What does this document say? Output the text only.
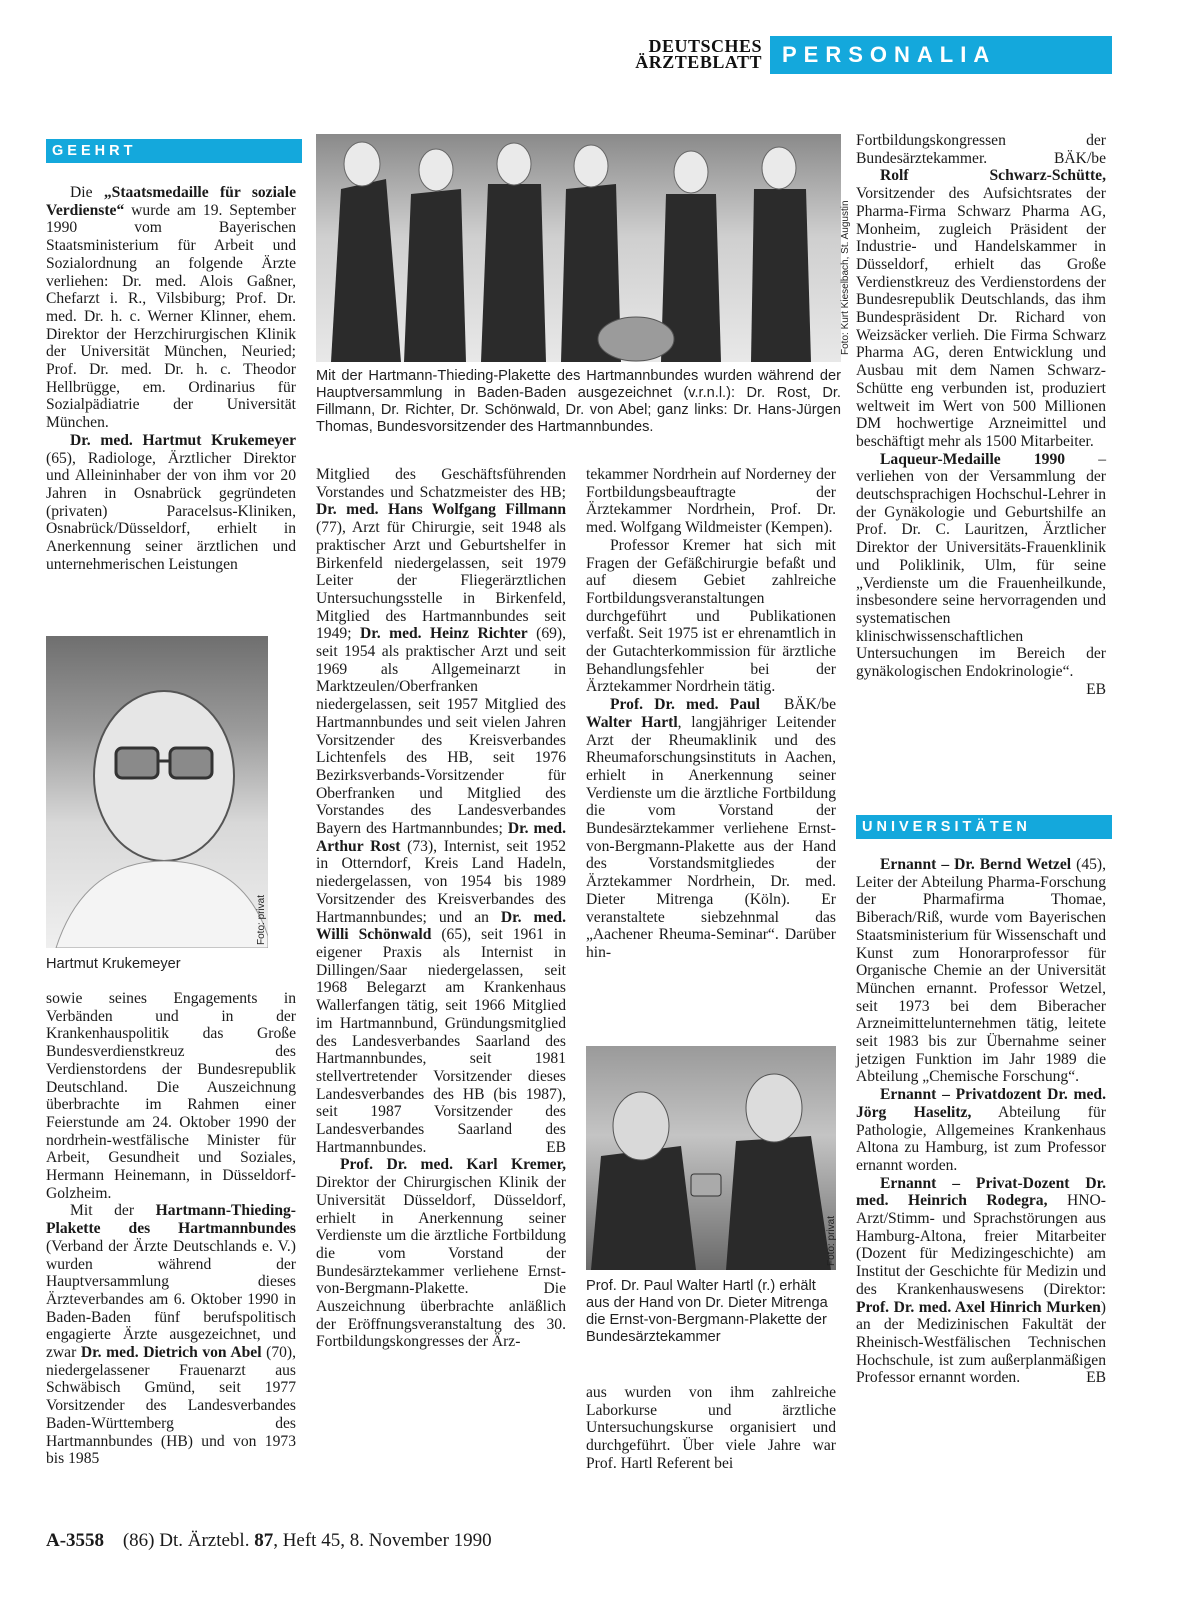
DEUTSCHES
ÄRZTEBLATT PERSONALIA
GEEHRT

Die „Staatsmedaille für soziale Verdienste“ wurde am 19. September 1990 vom Bayerischen Staatsministerium für Arbeit und Sozialordnung an folgende Ärzte verliehen: Dr. med. Alois Gaßner, Chefarzt i. R., Vilsbiburg; Prof. Dr. med. Dr. h. c. Werner Klinner, ehem. Direktor der Herzchirurgischen Klinik der Universität München, Neuried; Prof. Dr. med. Dr. h. c. Theodor Hellbrügge, em. Ordinarius für Sozialpädiatrie der Universität München.

Dr. med. Hartmut Krukemeyer (65), Radiologe, Ärztlicher Direktor und Alleininhaber der von ihm vor 20 Jahren in Osnabrück gegründeten (privaten) Paracelsus-Kliniken, Osnabrück/Düsseldorf, erhielt in Anerkennung seiner ärztlichen und unternehmerischen Leistungen

Foto: privat
Hartmut Krukemeyer

sowie seines Engagements in Verbänden und in der Krankenhauspolitik das Große Bundesverdienstkreuz des Verdienstordens der Bundesrepublik Deutschland. Die Auszeichnung überbrachte im Rahmen einer Feierstunde am 24. Oktober 1990 der nordrhein-westfälische Minister für Arbeit, Gesundheit und Soziales, Hermann Heinemann, in Düsseldorf-Golzheim.

Mit der Hartmann-Thieding-Plakette des Hartmannbundes (Verband der Ärzte Deutschlands e. V.) wurden während der Hauptversammlung dieses Ärzteverbandes am 6. Oktober 1990 in Baden-Baden fünf berufspolitisch engagierte Ärzte ausgezeichnet, und zwar Dr. med. Dietrich von Abel (70), niedergelassener Frauenarzt aus Schwäbisch Gmünd, seit 1977 Vorsitzender des Landesverbandes Baden-Württemberg des Hartmannbundes (HB) und von 1973 bis 1985

Foto: Kurt Kieselbach, St. Augustin
Mit der Hartmann-Thieding-Plakette des Hartmannbundes wurden während der Hauptversammlung in Baden-Baden ausgezeichnet (v.r.n.l.): Dr. Rost, Dr. Fillmann, Dr. Richter, Dr. Schönwald, Dr. von Abel; ganz links: Dr. Hans-Jürgen Thomas, Bundesvorsitzender des Hartmannbundes.

Mitglied des Geschäftsführenden Vorstandes und Schatzmeister des HB; Dr. med. Hans Wolfgang Fillmann (77), Arzt für Chirurgie, seit 1948 als praktischer Arzt und Geburtshelfer in Birkenfeld niedergelassen, seit 1979 Leiter der Fliegerärztlichen Untersuchungsstelle in Birkenfeld, Mitglied des Hartmannbundes seit 1949; Dr. med. Heinz Richter (69), seit 1954 als praktischer Arzt und seit 1969 als Allgemeinarzt in Marktzeulen/Oberfranken niedergelassen, seit 1957 Mitglied des Hartmannbundes und seit vielen Jahren Vorsitzender des Kreisverbandes Lichtenfels des HB, seit 1976 Bezirksverbands-Vorsitzender für Oberfranken und Mitglied des Vorstandes des Landesverbandes Bayern des Hartmannbundes; Dr. med. Arthur Rost (73), Internist, seit 1952 in Otterndorf, Kreis Land Hadeln, niedergelassen, von 1954 bis 1989 Vorsitzender des Kreisverbandes des Hartmannbundes; und an Dr. med. Willi Schönwald (65), seit 1961 in eigener Praxis als Internist in Dillingen/Saar niedergelassen, seit 1968 Belegarzt am Krankenhaus Wallerfangen tätig, seit 1966 Mitglied im Hartmannbund, Gründungsmitglied des Landesverbandes Saarland des Hartmannbundes, seit 1981 stellvertretender Vorsitzender dieses Landesverbandes des HB (bis 1987), seit 1987 Vorsitzender des Landesverbandes Saarland des Hartmannbundes.	EB

Prof. Dr. med. Karl Kremer, Direktor der Chirurgischen Klinik der Universität Düsseldorf, Düsseldorf, erhielt in Anerkennung seiner Verdienste um die ärztliche Fortbildung die vom Vorstand der Bundesärztekammer verliehene Ernst-von-Bergmann-Plakette. Die Auszeichnung überbrachte anläßlich der Eröffnungsveranstaltung des 30. Fortbildungskongresses der Ärz-

tekammer Nordrhein auf Norderney der Fortbildungsbeauftragte der Ärztekammer Nordrhein, Prof. Dr. med. Wolfgang Wildmeister (Kempen).

Professor Kremer hat sich mit Fragen der Gefäßchirurgie befaßt und auf diesem Gebiet zahlreiche Fortbildungsveranstaltungen durchgeführt und Publikationen verfaßt. Seit 1975 ist er ehrenamtlich in der Gutachterkommission für ärztliche Behandlungsfehler bei der Ärztekammer Nordrhein tätig.
BÄK/be

Prof. Dr. med. Paul Walter Hartl, langjähriger Leitender Arzt der Rheumaklinik und des Rheumaforschungsinstituts in Aachen, erhielt in Anerkennung seiner Verdienste um die ärztliche Fortbildung die vom Vorstand der Bundesärztekammer verliehene Ernst-von-Bergmann-Plakette aus der Hand des Vorstandsmitgliedes der Ärztekammer Nordrhein, Dr. med. Dieter Mitrenga (Köln). Er veranstaltete siebzehnmal das „Aachener Rheuma-Seminar“. Darüber hin-

Foto: privat
Prof. Dr. Paul Walter Hartl (r.) erhält aus der Hand von Dr. Dieter Mitrenga die Ernst-von-Bergmann-Plakette der Bundesärztekammer

aus wurden von ihm zahlreiche Laborkurse und ärztliche Untersuchungskurse organisiert und durchgeführt. Über viele Jahre war Prof. Hartl Referent bei

Fortbildungskongressen der Bundesärztekammer.	BÄK/be

Rolf Schwarz-Schütte, Vorsitzender des Aufsichtsrates der Pharma-Firma Schwarz Pharma AG, Monheim, zugleich Präsident der Industrie- und Handelskammer in Düsseldorf, erhielt das Große Verdienstkreuz des Verdienstordens der Bundesrepublik Deutschlands, das ihm Bundespräsident Dr. Richard von Weizsäcker verlieh. Die Firma Schwarz Pharma AG, deren Entwicklung und Ausbau mit dem Namen Schwarz-Schütte eng verbunden ist, produziert weltweit im Wert von 500 Millionen DM hochwertige Arzneimittel und beschäftigt mehr als 1500 Mitarbeiter.

Laqueur-Medaille 1990 – verliehen von der Versammlung der deutschsprachigen Hochschul-Lehrer in der Gynäkologie und Geburtshilfe an Prof. Dr. C. Lauritzen, Ärztlicher Direktor der Universitäts-Frauenklinik und Poliklinik, Ulm, für seine „Verdienste um die Frauenheilkunde, insbesondere seine hervorragenden und systematischen klinischwissenschaftlichen Untersuchungen im Bereich der gynäkologischen Endokrinologie“.
EB

UNIVERSITÄTEN

Ernannt – Dr. Bernd Wetzel (45), Leiter der Abteilung Pharma-Forschung der Pharmafirma Thomae, Biberach/Riß, wurde vom Bayerischen Staatsministerium für Wissenschaft und Kunst zum Honorarprofessor für Organische Chemie an der Universität München ernannt. Professor Wetzel, seit 1973 bei dem Biberacher Arzneimittelunternehmen tätig, leitete seit 1983 bis zur Übernahme seiner jetzigen Funktion im Jahr 1989 die Abteilung „Chemische Forschung“.

Ernannt – Privatdozent Dr. med. Jörg Haselitz, Abteilung für Pathologie, Allgemeines Krankenhaus Altona zu Hamburg, ist zum Professor ernannt worden.

Ernannt – Privat-Dozent Dr. med. Heinrich Rodegra, HNO-Arzt/Stimm- und Sprachstörungen aus Hamburg-Altona, freier Mitarbeiter (Dozent für Medizingeschichte) am Institut der Geschichte für Medizin und des Krankenhauswesens (Direktor: Prof. Dr. med. Axel Hinrich Murken) an der Medizinischen Fakultät der Rheinisch-Westfälischen Technischen Hochschule, ist zum außerplanmäßigen Professor ernannt worden.	EB

A-3558 (86) Dt. Ärztebl. 87, Heft 45, 8. November 1990
